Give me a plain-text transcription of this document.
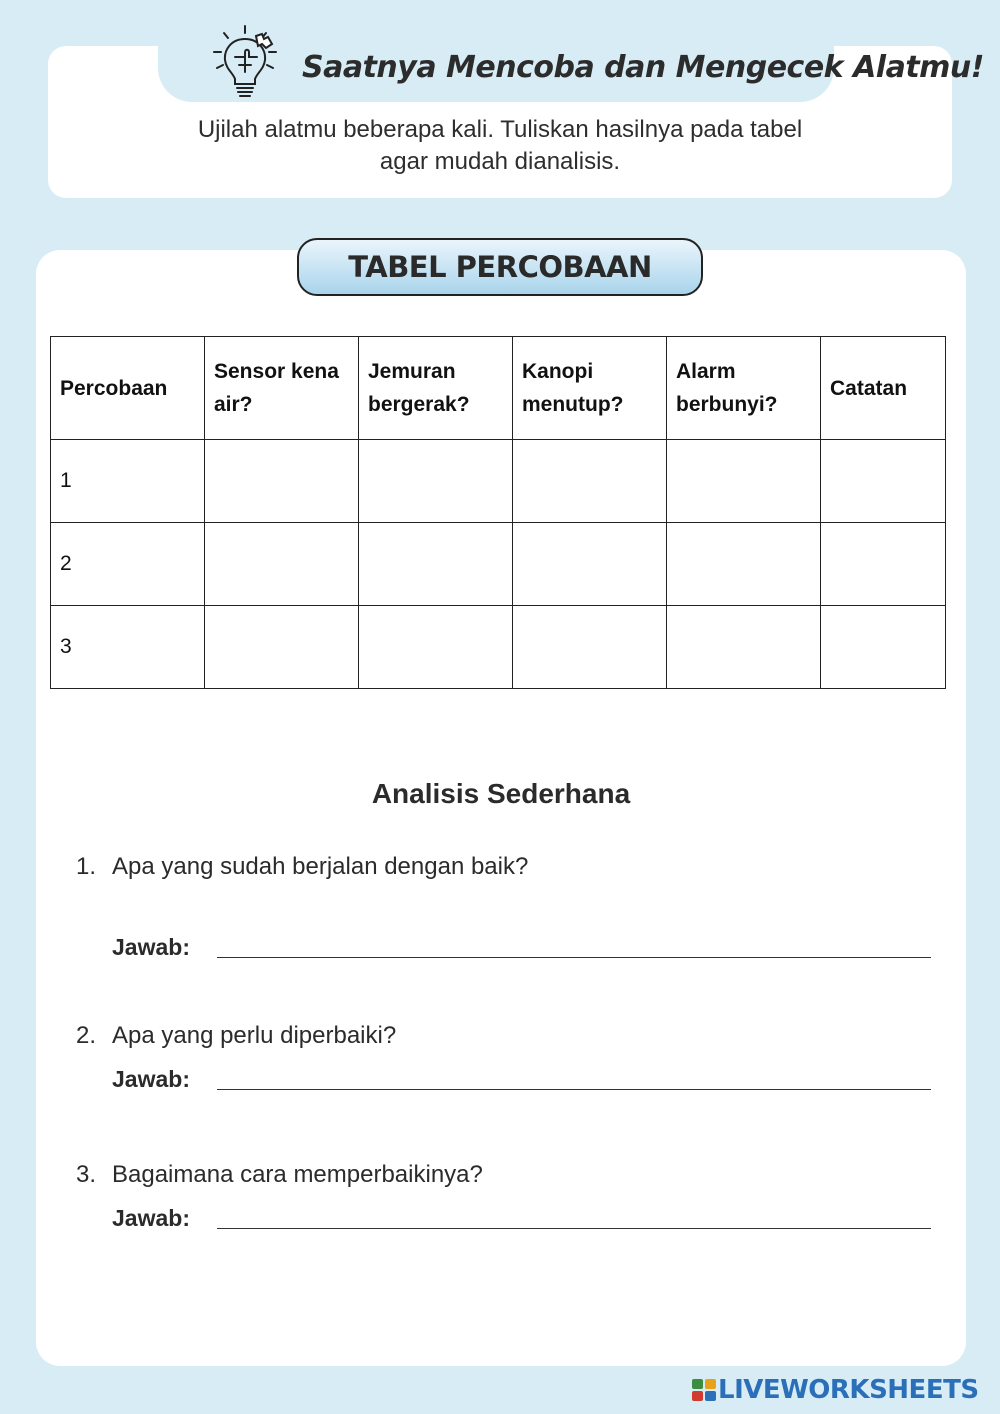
Saatnya Mencoba dan Mengecek Alatmu!
Ujilah alatmu beberapa kali. Tuliskan hasilnya pada tabel
agar mudah dianalisis.
TABEL PERCOBAAN
Percobaan	Sensor kena air?	Jemuran bergerak?	Kanopi menutup?	Alarm berbunyi?	Catatan
1					
2					
3					
Analisis Sederhana
1. Apa yang sudah berjalan dengan baik?
Jawab:
2. Apa yang perlu diperbaiki?
Jawab:
3. Bagaimana cara memperbaikinya?
Jawab:
LIVEWORKSHEETS
